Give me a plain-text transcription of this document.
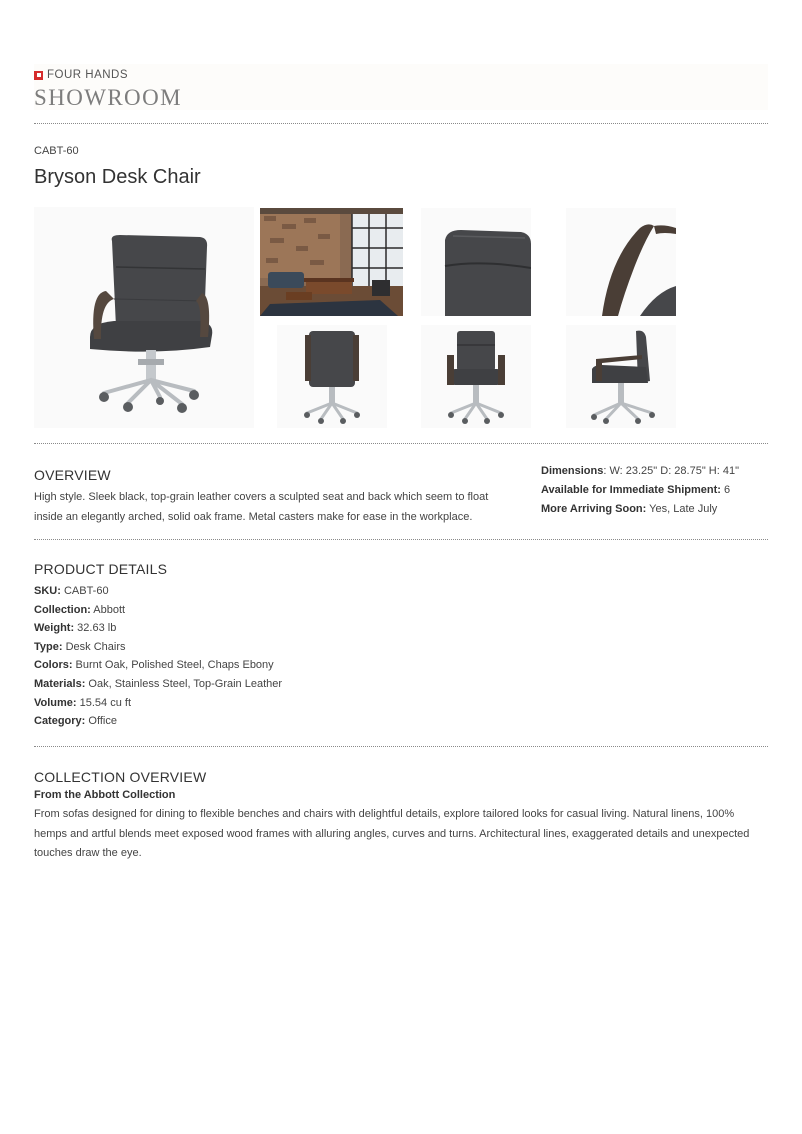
FOUR HANDS
SHOWROOM
CABT-60
Bryson Desk Chair
OVERVIEW
High style. Sleek black, top-grain leather covers a sculpted seat and back which seem to float inside an elegantly arched, solid oak frame. Metal casters make for ease in the workplace.
Dimensions: W: 23.25" D: 28.75" H: 41"
Available for Immediate Shipment: 6
More Arriving Soon: Yes, Late July
PRODUCT DETAILS
SKU: CABT-60
Collection: Abbott
Weight: 32.63 lb
Type: Desk Chairs
Colors: Burnt Oak, Polished Steel, Chaps Ebony
Materials: Oak, Stainless Steel, Top-Grain Leather
Volume: 15.54 cu ft
Category: Office
COLLECTION OVERVIEW
From the Abbott Collection
From sofas designed for dining to flexible benches and chairs with delightful details, explore tailored looks for casual living. Natural linens, 100% hemps and artful blends meet exposed wood frames with alluring angles, curves and turns. Architectural lines, exaggerated details and unexpected touches draw the eye.
